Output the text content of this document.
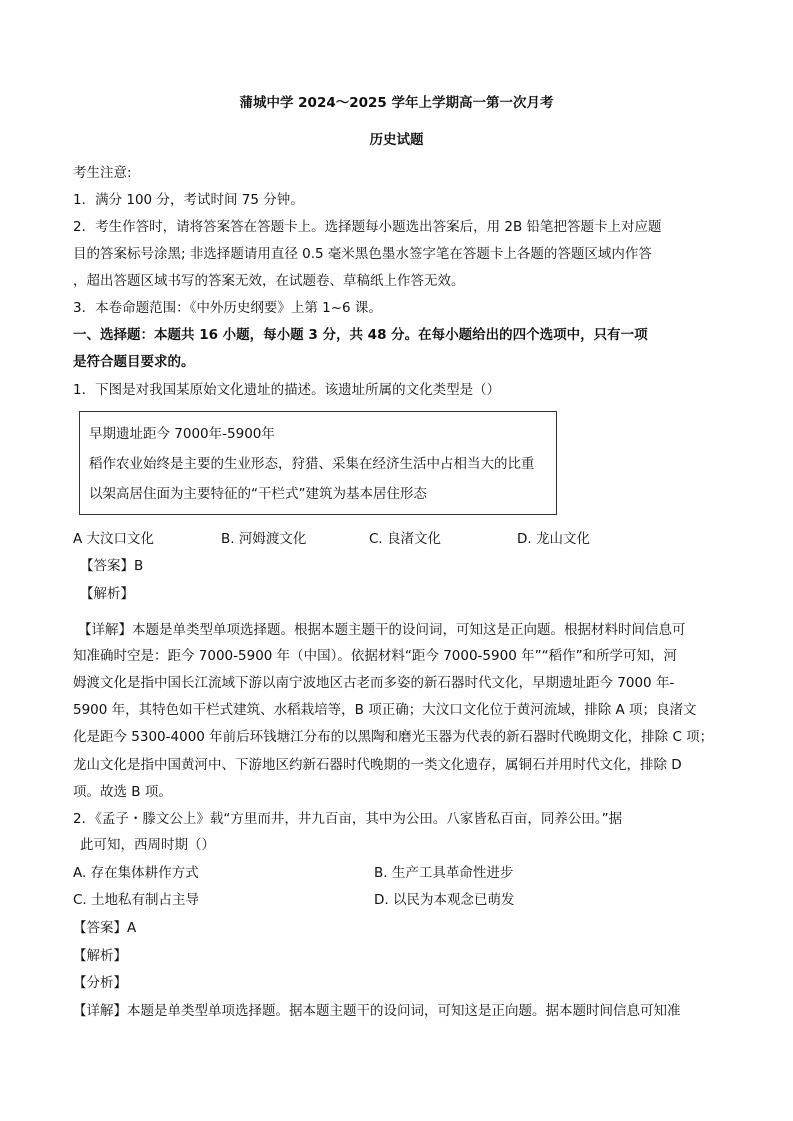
蒲城中学 2024～2025 学年上学期高一第一次月考
历史试题
考生注意:
1．满分 100 分，考试时间 75 分钟。
2．考生作答时，请将答案答在答题卡上。选择题每小题选出答案后，用 2B 铅笔把答题卡上对应题
目的答案标号涂黑; 非选择题请用直径 0.5 毫米黑色墨水签字笔在答题卡上各题的答题区域内作答
，超出答题区域书写的答案无效，在试题卷、草稿纸上作答无效。
3．本卷命题范围：《中外历史纲要》上第 1~6 课。
一、选择题：本题共 16 小题，每小题 3 分，共 48 分。在每小题给出的四个选项中，只有一项
是符合题目要求的。
1．下图是对我国某原始文化遗址的描述。该遗址所属的文化类型是（）
早期遗址距今 7000年-5900年
稻作农业始终是主要的生业形态，狩猎、采集在经济生活中占相当大的比重
以架高居住面为主要特征的“干栏式”建筑为基本居住形态
A 大汶口文化	B. 河姆渡文化	C. 良渚文化	D. 龙山文化
【答案】B
【解析】
【详解】本题是单类型单项选择题。根据本题主题干的设问词，可知这是正向题。根据材料时间信息可
知准确时空是：距今 7000-5900 年（中国）。依据材料“距今 7000-5900 年”“稻作”和所学可知，河
姆渡文化是指中国长江流域下游以南宁波地区古老而多姿的新石器时代文化，早期遗址距今 7000 年-
5900 年，其特色如干栏式建筑、水稻栽培等，B 项正确；大汶口文化位于黄河流域，排除 A 项；良渚文
化是距今 5300-4000 年前后环钱塘江分布的以黑陶和磨光玉器为代表的新石器时代晚期文化，排除 C 项；
龙山文化是指中国黄河中、下游地区约新石器时代晚期的一类文化遗存，属铜石并用时代文化，排除 D
项。故选 B 项。
2．《孟子・滕文公上》载“方里而井，井九百亩，其中为公田。八家皆私百亩，同养公田。”据
此可知，西周时期（）
A. 存在集体耕作方式	B. 生产工具革命性进步
C. 土地私有制占主导	D. 以民为本观念已萌发
【答案】A
【解析】
【分析】
【详解】本题是单类型单项选择题。据本题主题干的设问词，可知这是正向题。据本题时间信息可知准
